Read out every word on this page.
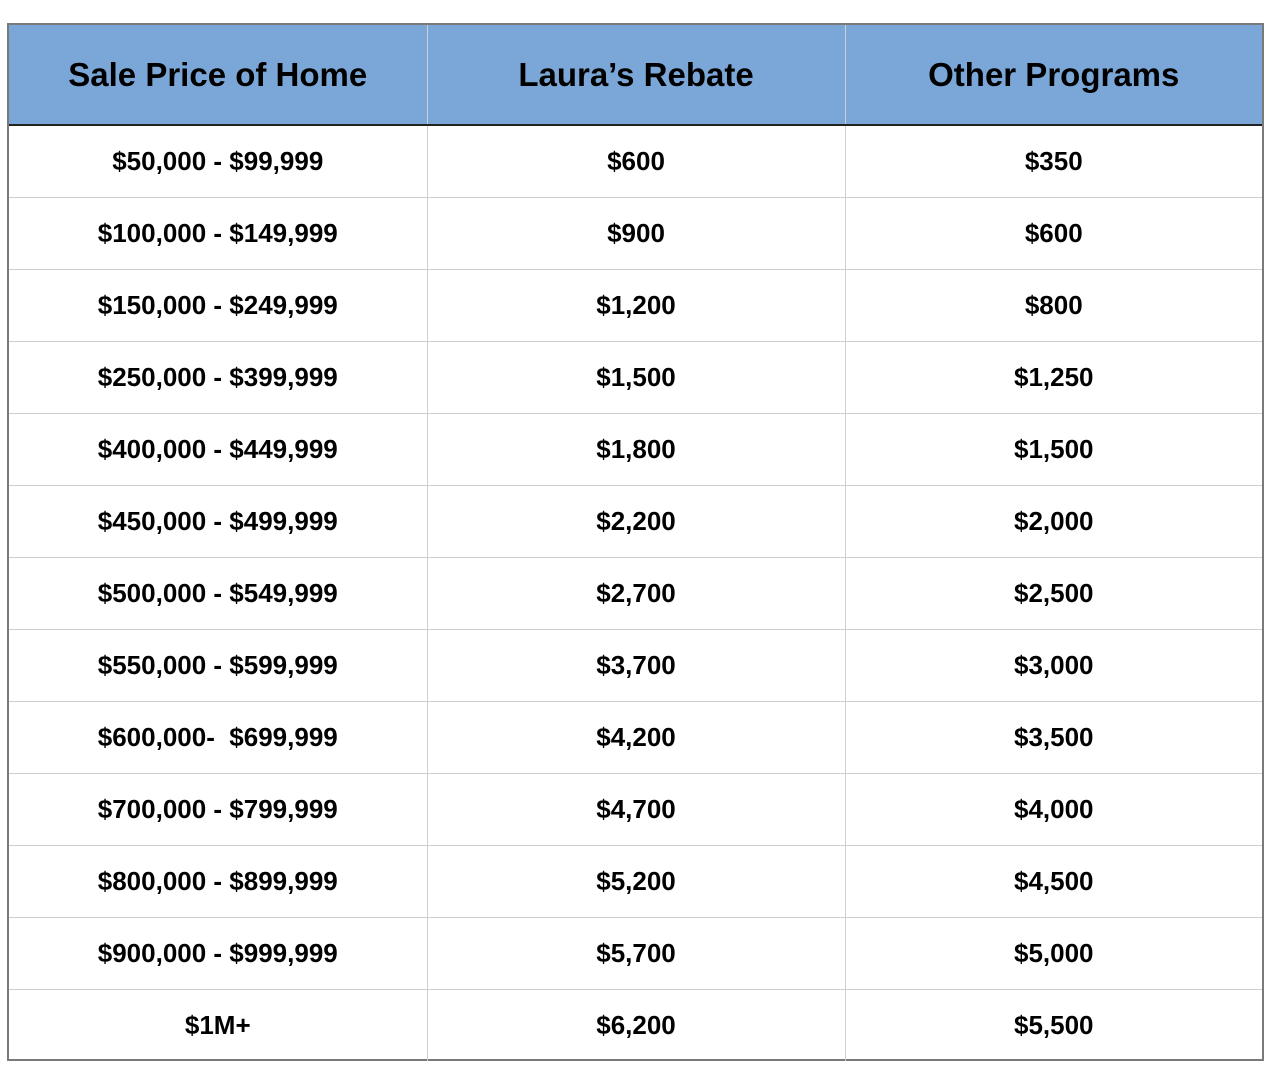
Sale Price of Home	Laura’s Rebate	Other Programs
$50,000 - $99,999	$600	$350
$100,000 - $149,999	$900	$600
$150,000 - $249,999	$1,200	$800
$250,000 - $399,999	$1,500	$1,250
$400,000 - $449,999	$1,800	$1,500
$450,000 - $499,999	$2,200	$2,000
$500,000 - $549,999	$2,700	$2,500
$550,000 - $599,999	$3,700	$3,000
$600,000-  $699,999	$4,200	$3,500
$700,000 - $799,999	$4,700	$4,000
$800,000 - $899,999	$5,200	$4,500
$900,000 - $999,999	$5,700	$5,000
$1M+	$6,200	$5,500
